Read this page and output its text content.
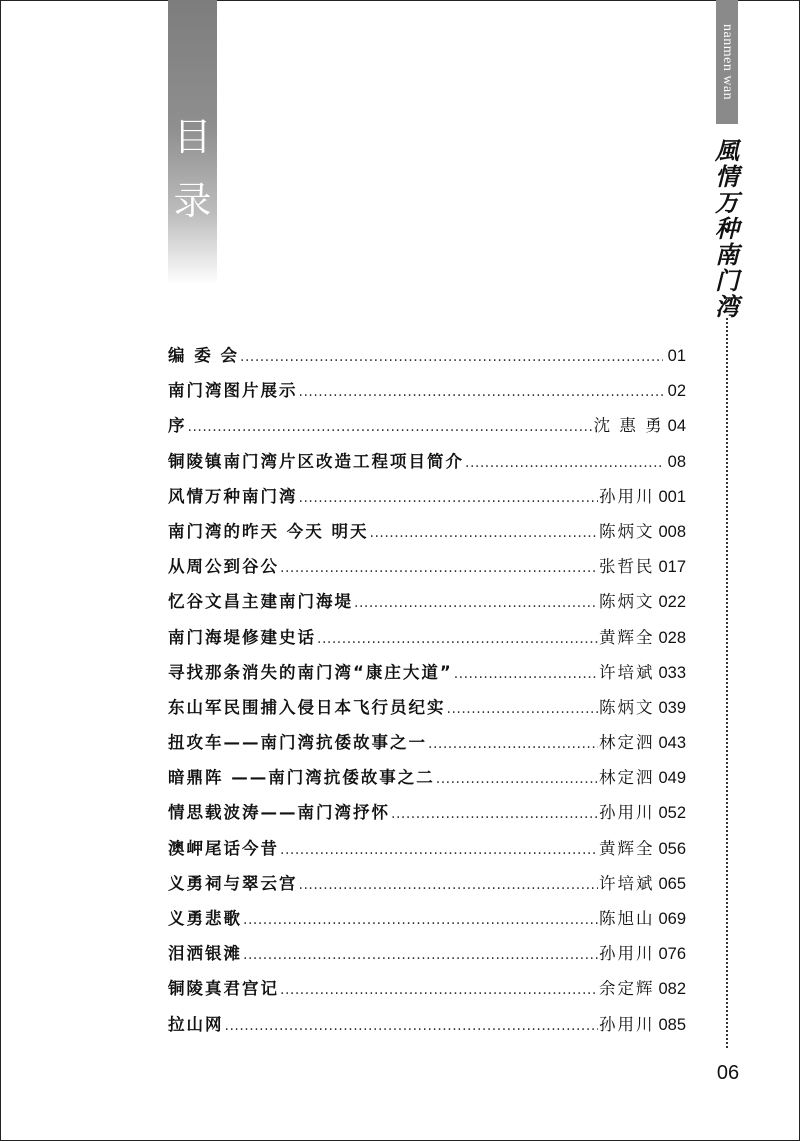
目
录
nanmen wan
風
情
万
种
南
门
湾
06
编 委 会 .....	01
南门湾图片展示 .....	02
序 .....	沈 惠 勇 04
铜陵镇南门湾片区改造工程项目简介 .....	08
风情万种南门湾 .....	孙用川 001
南门湾的昨天 今天 明天 .....	陈炳文 008
从周公到谷公 .....	张哲民 017
忆谷文昌主建南门海堤 .....	陈炳文 022
南门海堤修建史话 .....	黄辉全 028
寻找那条消失的南门湾“康庄大道” .....	许培斌 033
东山军民围捕入侵日本飞行员纪实 .....	陈炳文 039
扭攻车——南门湾抗倭故事之一 .....	林定泗 043
暗鼎阵 ——南门湾抗倭故事之二 .....	林定泗 049
情思载波涛——南门湾抒怀 .....	孙用川 052
澳岬尾话今昔 .....	黄辉全 056
义勇祠与翠云宫 .....	许培斌 065
义勇悲歌 .....	陈旭山 069
泪洒银滩 .....	孙用川 076
铜陵真君宫记 .....	余定辉 082
拉山网 .....	孙用川 085
